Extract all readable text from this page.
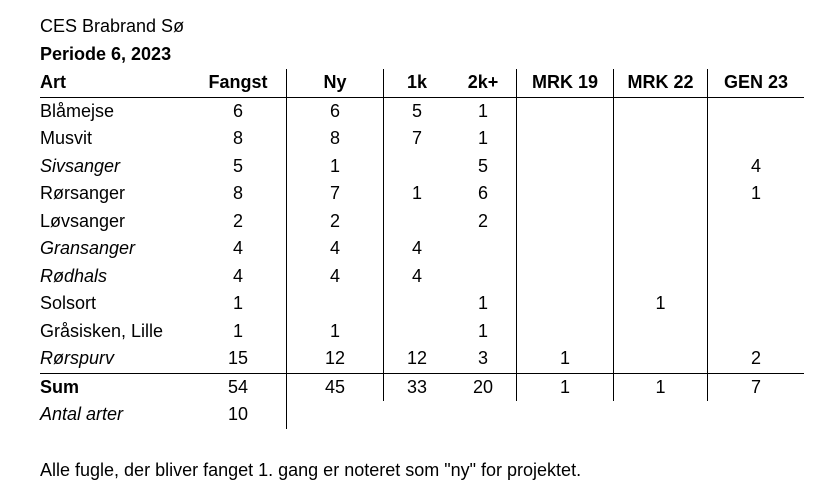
CES Brabrand Sø
Periode 6, 2023
Art	Fangst	Ny	1k	2k+	MRK 19	MRK 22	GEN 23
Blåmejse	6	6	5	1			
Musvit	8	8	7	1			
Sivsanger	5	1		5			4
Rørsanger	8	7	1	6			1
Løvsanger	2	2		2			
Gransanger	4	4	4				
Rødhals	4	4	4				
Solsort	1			1		1	
Gråsisken, Lille	1	1		1			
Rørspurv	15	12	12	3	1		2
Sum	54	45	33	20	1	1	7
Antal arter	10						
Alle fugle, der bliver fanget 1. gang er noteret som "ny" for projektet.
